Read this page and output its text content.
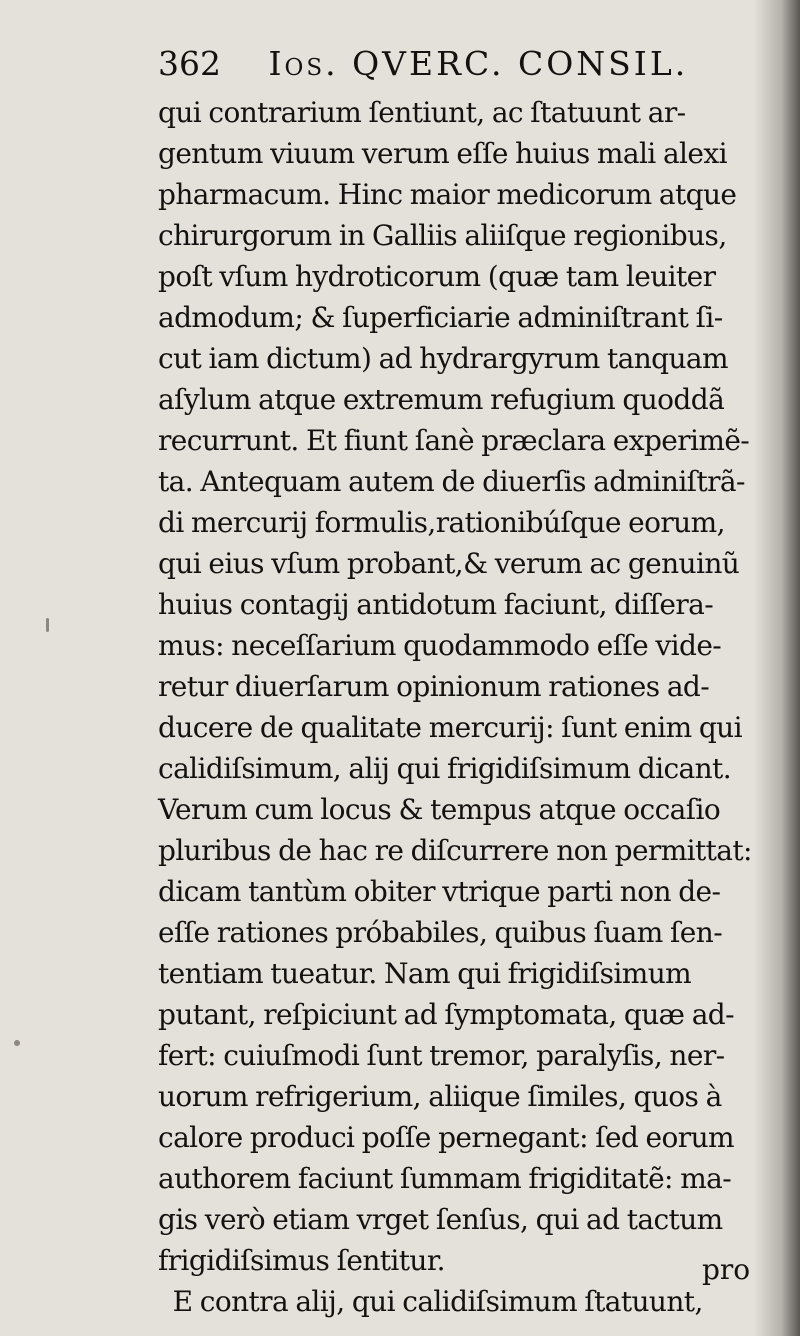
362 Ios. QVERC. CONSIL.
qui contrarium ſentiunt, ac ſtatuunt ar-
gentum viuum verum eſſe huius mali alexi
pharmacum. Hinc maior medicorum atque
chirurgorum in Galliis aliiſque regionibus,
poſt vſum hydroticorum (quæ tam leuiter
admodum; & ſuperficiarie adminiſtrant ſi-
cut iam dictum) ad hydrargyrum tanquam
aſylum atque extremum refugium quoddã
recurrunt. Et fiunt ſanè præclara experimẽ-
ta. Antequam autem de diuerſis adminiſtrã-
di mercurij formulis,rationibúſque eorum,
qui eius vſum probant,& verum ac genuinũ
huius contagij antidotum faciunt, diſſera-
mus: neceſſarium quodammodo eſſe vide-
retur diuerſarum opinionum rationes ad-
ducere de qualitate mercurij: ſunt enim qui
calidiſsimum, alij qui frigidiſsimum dicant.
Verum cum locus & tempus atque occaſio
pluribus de hac re diſcurrere non permittat:
dicam tantùm obiter vtrique parti non de-
eſſe rationes próbabiles, quibus ſuam ſen-
tentiam tueatur. Nam qui frigidiſsimum
putant, reſpiciunt ad ſymptomata, quæ ad-
fert: cuiuſmodi ſunt tremor, paralyſis, ner-
uorum refrigerium, aliique ſimiles, quos à
calore produci poſſe pernegant: ſed eorum
authorem faciunt ſummam frigiditatẽ: ma-
gis verò etiam vrget ſenſus, qui ad tactum
frigidiſsimus ſentitur.
E contra alij, qui calidiſsimum ſtatuunt,
pro
